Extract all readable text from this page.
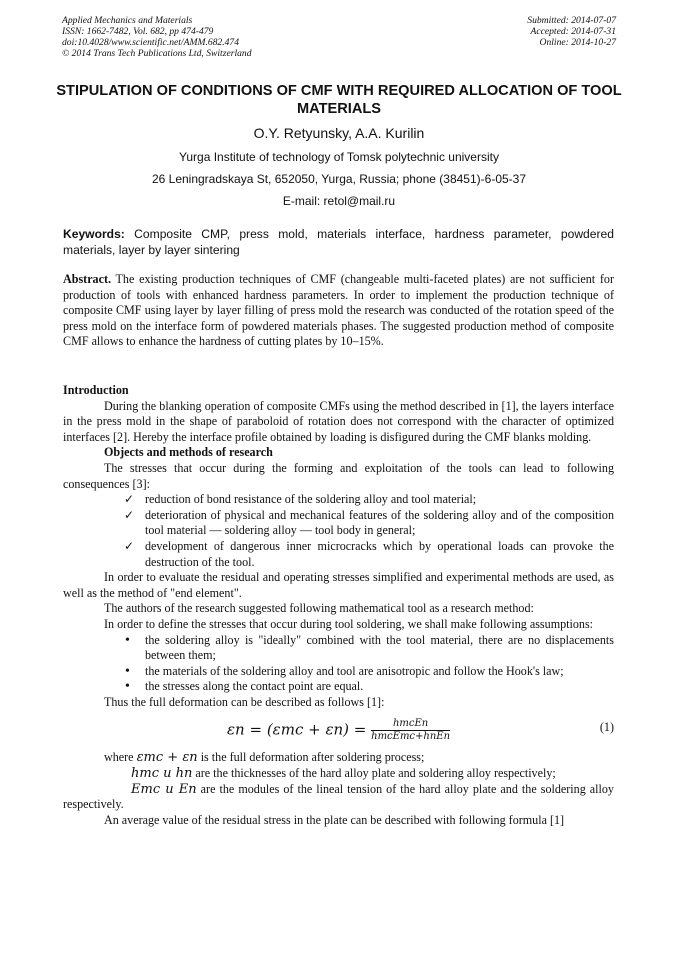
Applied Mechanics and Materials
ISSN: 1662-7482, Vol. 682, pp 474-479
doi:10.4028/www.scientific.net/AMM.682.474
© 2014 Trans Tech Publications Ltd, Switzerland
Submitted: 2014-07-07
Accepted: 2014-07-31
Online: 2014-10-27
STIPULATION OF CONDITIONS OF CMF WITH REQUIRED ALLOCATION OF TOOL MATERIALS
O.Y. Retyunsky, A.A. Kurilin
Yurga Institute of technology of Tomsk polytechnic university
26 Leningradskaya St, 652050, Yurga, Russia; phone (38451)-6-05-37
E-mail: retol@mail.ru
Keywords: Composite CMP, press mold, materials interface, hardness parameter, powdered materials, layer by layer sintering
Abstract. The existing production techniques of CMF (changeable multi-faceted plates) are not sufficient for production of tools with enhanced hardness parameters. In order to implement the production technique of composite CMF using layer by layer filling of press mold the research was conducted of the rotation speed of the press mold on the interface form of powdered materials phases. The suggested production method of composite CMF allows to enhance the hardness of cutting plates by 10–15%.

Introduction

During the blanking operation of composite CMFs using the method described in [1], the layers interface in the press mold in the shape of paraboloid of rotation does not correspond with the character of optimized interfaces [2]. Hereby the interface profile obtained by loading is disfigured during the CMF blanks molding.

Objects and methods of research

The stresses that occur during the forming and exploitation of the tools can lead to following consequences [3]:

✓ reduction of bond resistance of the soldering alloy and tool material;
✓ deterioration of physical and mechanical features of the soldering alloy and of the composition tool material — soldering alloy — tool body in general;
✓ development of dangerous inner microcracks which by operational loads can provoke the destruction of the tool.

In order to evaluate the residual and operating stresses simplified and experimental methods are used, as well as the method of "end element".

The authors of the research suggested following mathematical tool as a research method:

In order to define the stresses that occur during tool soldering, we shall make following assumptions:

• the soldering alloy is "ideally" combined with the tool material, there are no displacements between them;
• the materials of the soldering alloy and tool are anisotropic and follow the Hook's law;
• the stresses along the contact point are equal.

Thus the full deformation can be described as follows [1]:

$\varepsilon п = (\varepsilon тс + \varepsilon п) = \frac{\text{hтсEп}}{\text{hтсEтс+hпEп}}$	(1)

where εтс + εп is the full deformation after soldering process;

hтс и hп are the thicknesses of the hard alloy plate and soldering alloy respectively;

Eтс и Eп are the modules of the lineal tension of the hard alloy plate and the soldering alloy respectively.

An average value of the residual stress in the plate can be described with following formula [1]
